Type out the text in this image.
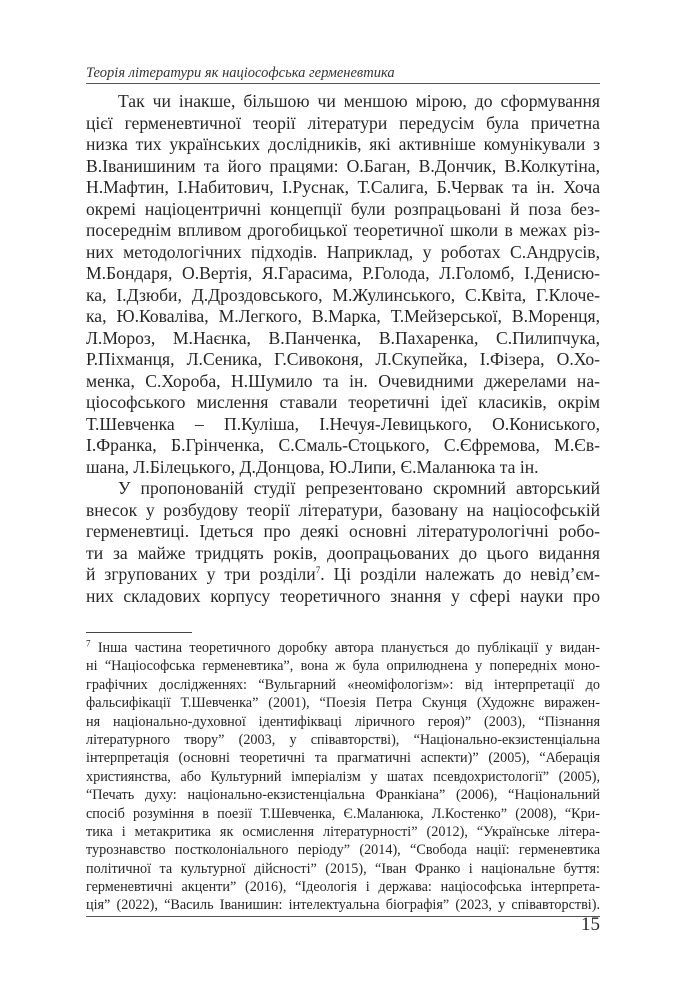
Теорія літератури як націософська герменевтика
Так чи інакше, більшою чи меншою мірою, до сформування
цієї герменевтичної теорії літератури передусім була причетна
низка тих українських дослідників, які активніше комунікували з
В.Іванишиним та його працями: О.Баган, В.Дончик, В.Колкутіна,
Н.Мафтин, І.Набитович, І.Руснак, Т.Салига, Б.Червак та ін. Хоча
окремі націоцентричні концепції були розпрацьовані й поза без-
посереднім впливом дрогобицької теоретичної школи в межах різ-
них методологічних підходів. Наприклад, у роботах С.Андрусів,
М.Бондаря, О.Вертія, Я.Гарасима, Р.Голода, Л.Голомб, І.Денисю-
ка, І.Дзюби, Д.Дроздовського, М.Жулинського, С.Квіта, Г.Клоче-
ка, Ю.Коваліва, М.Легкого, В.Марка, Т.Мейзерської, В.Моренця,
Л.Мороз, М.Наєнка, В.Панченка, В.Пахаренка, С.Пилипчука,
Р.Піхманця, Л.Сеника, Г.Сивоконя, Л.Скупейка, І.Фізера, О.Хо-
менка, С.Хороба, Н.Шумило та ін. Очевидними джерелами на-
ціософського мислення ставали теоретичні ідеї класиків, окрім
Т.Шевченка – П.Куліша, І.Нечуя-Левицького, О.Кониського,
І.Франка, Б.Грінченка, С.Смаль-Стоцького, С.Єфремова, М.Єв-
шана, Л.Білецького, Д.Донцова, Ю.Липи, Є.Маланюка та ін.
У пропонованій студії репрезентовано скромний авторський
внесок у розбудову теорії літератури, базовану на націософській
герменевтиці. Ідеться про деякі основні літературологічні робо-
ти за майже тридцять років, доопрацьованих до цього видання
й згрупованих у три розділи$^7$. Ці розділи належать до невід’єм-
них складових корпусу теоретичного знання у сфері науки про
$^7$ Інша частина теоретичного доробку автора планується до публікації у видан-
ні “Націософська герменевтика”, вона ж була оприлюднена у попередніх моно-
графічних дослідженнях: “Вульгарний «неоміфологізм»: від інтерпретації до
фальсифікації Т.Шевченка” (2001), “Поезія Петра Скунця (Художнє виражен-
ня національно-духовної ідентифікваці ліричного героя)” (2003), “Пізнання
літературного твору” (2003, у співавторстві), “Національно-екзистенціальна
інтерпретація (основні теоретичні та прагматичні аспекти)” (2005), “Аберація
християнства, або Культурний імперіалізм у шатах псевдохристології” (2005),
“Печать духу: національно-екзистенціальна Франкіана” (2006), “Національний
спосіб розуміння в поезії Т.Шевченка, Є.Маланюка, Л.Костенко” (2008), “Кри-
тика і метакритика як осмислення літературності” (2012), “Українське літера-
турознавство постколоніального періоду” (2014), “Свобода нації: герменевтика
політичної та культурної дійсності” (2015), “Іван Франко і національне буття:
герменевтичні акценти” (2016), “Ідеологія і держава: націософська інтерпрета-
ція” (2022), “Василь Іванишин: інтелектуальна біографія” (2023, у співавторстві).
15
